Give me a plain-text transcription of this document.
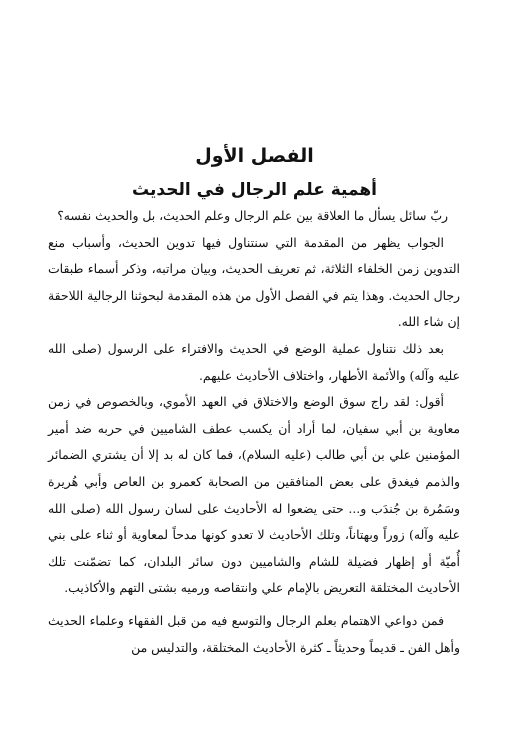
الفصل الأول
أهمية علم الرجال في الحديث

ربّ سائل يسأل ما العلاقة بين علم الرجال وعلم الحديث، بل والحديث نفسه؟

الجواب يظهر من المقدمة التي سنتناول فيها تدوين الحديث، وأسباب منع التدوين زمن الخلفاء الثلاثة، ثم تعريف الحديث، وبيان مراتبه، وذكر أسماء طبقات رجال الحديث. وهذا يتم في الفصل الأول من هذه المقدمة لبحوثنا الرجالية اللاحقة إن شاء الله.

بعد ذلك نتناول عملية الوضع في الحديث والافتراء على الرسول (صلى الله عليه وآله) والأئمة الأطهار، واختلاف الأحاديث عليهم.

أقول: لقد راج سوق الوضع والاختلاق في العهد الأموي، وبالخصوص في زمن معاوية بن أبي سفيان، لما أراد أن يكسب عطف الشاميين في حربه ضد أمير المؤمنين علي بن أبي طالب (عليه السلام)، فما كان له بد إلا أن يشتري الضمائر والذمم فيغدق على بعض المنافقين من الصحابة كعمرو بن العاص وأبي هُريرة وسَمُرة بن جُندَب و... حتى يضعوا له الأحاديث على لسان رسول الله (صلى الله عليه وآله) زوراً وبهتاناً، وتلك الأحاديث لا تعدو كونها مدحاً لمعاوية أو ثناء على بني أُميّة أو إظهار فضيلة للشام والشاميين دون سائر البلدان، كما تضمّنت تلك الأحاديث المختلقة التعريض بالإمام علي وانتقاصه ورميه بشتى التهم والأكاذيب.

فمن دواعي الاهتمام بعلم الرجال والتوسع فيه من قبل الفقهاء وعلماء الحديث وأهل الفن ـ قديماً وحديثاً ـ كثرة الأحاديث المختلقة، والتدليس من
